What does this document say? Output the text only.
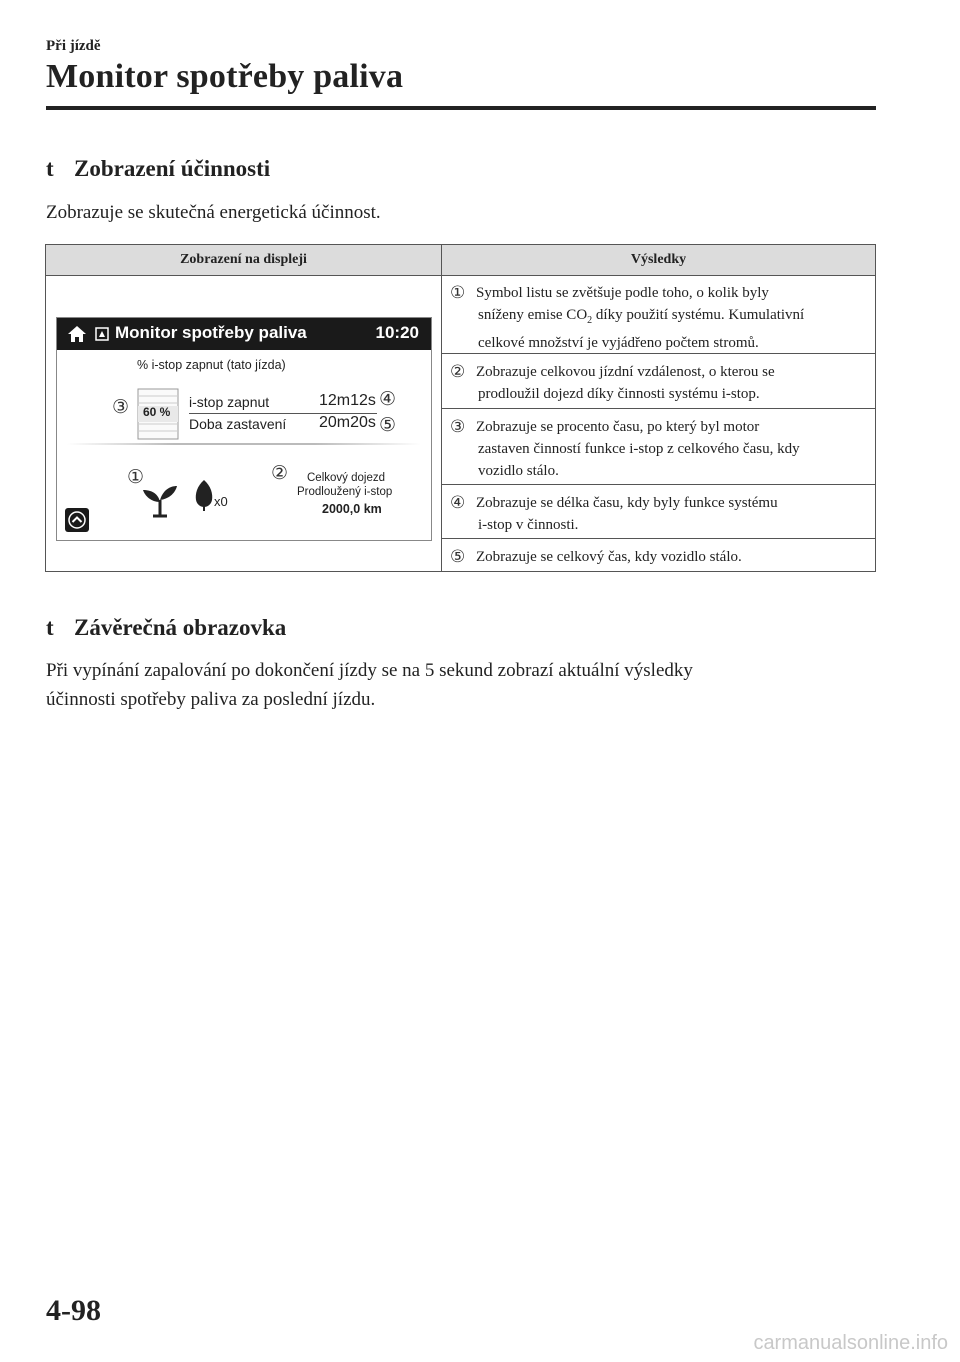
Při jízdě
Monitor spotřeby paliva
t Zobrazení účinnosti
Zobrazuje se skutečná energetická účinnost.
Zobrazení na displeji	Výsledky
Monitor spotřeby paliva	10:20
% i-stop zapnut (tato jízda)
③ 60 %
i-stop zapnut	12m12s ④
Doba zastavení 20m20s ⑤
①
x0
② Celkový dojezd
Prodloužený i-stop
2000,0 km
① Symbol listu se zvětšuje podle toho, o kolik byly
sníženy emise $CO_2$ díky použití systému. Kumulativní
celkové množství je vyjádřeno počtem stromů.
② Zobrazuje celkovou jízdní vzdálenost, o kterou se
prodloužil dojezd díky činnosti systému i-stop.
③ Zobrazuje se procento času, po který byl motor
zastaven činností funkce i-stop z celkového času, kdy
vozidlo stálo.
④ Zobrazuje se délka času, kdy byly funkce systému
i-stop v činnosti.
⑤ Zobrazuje se celkový čas, kdy vozidlo stálo.
t Závěrečná obrazovka
Při vypínání zapalování po dokončení jízdy se na 5 sekund zobrazí aktuální výsledky
účinnosti spotřeby paliva za poslední jízdu.
4-98
carmanualsonline.info
